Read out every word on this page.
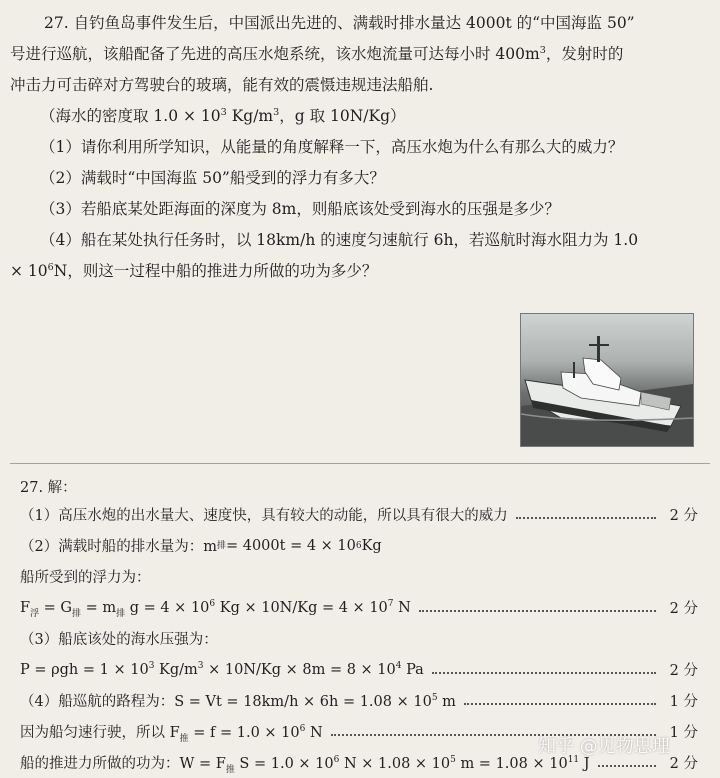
27. 自钓鱼岛事件发生后，中国派出先进的、满载时排水量达 4000t 的“中国海监 50”

号进行巡航，该船配备了先进的高压水炮系统，该水炮流量可达每小时 $400m^3$，发射时的

冲击力可击碎对方驾驶台的玻璃，能有效的震慑违规违法船舶.

（海水的密度取 $1.0 \times 10^3$ $Kg/m^3$，g 取 10N/Kg）

（1）请你利用所学知识，从能量的角度解释一下，高压水炮为什么有那么大的威力？

（2）满载时“中国海监 50”船受到的浮力有多大？

（3）若船底某处距海面的深度为 8m，则船底该处受到海水的压强是多少？

（4）船在某处执行任务时，以 18km/h 的速度匀速航行 6h，若巡航时海水阻力为 1.0

× $10^6N$，则这一过程中船的推进力所做的功为多少？

27. 解：
（1）高压水炮的出水量大、速度快，具有较大的动能，所以具有很大的威力	2 分
（2）满载时船的排水量为：m 排 = 4000t = 4 × 10 6 Kg
船所受到的浮力为：
$F_浮 = G_排 = m_排$ $g = 4 \times 10^6$ $Kg \times 10N/Kg = 4 \times 10^7$ N	2 分
（3）船底该处的海水压强为：
$P = \rho gh = 1 \times 10^3$ $Kg/m^3 \times 10N/Kg \times 8m = 8 \times 10^4$ Pa	2 分
（4）船巡航的路程为：$S = Vt = 18km/h \times 6h = 1.08 \times 10^5$ m	1 分
因为船匀速行驶，所以 $F_推 = f = 1.0 \times 10^6$ N	1 分
船的推进力所做的功为：$W = F_推$ $S = 1.0 \times 10^6$ $N \times 1.08 \times 10^5$ $m = 1.08 \times 10^{11}$ J	2 分
知乎 @见物思理
